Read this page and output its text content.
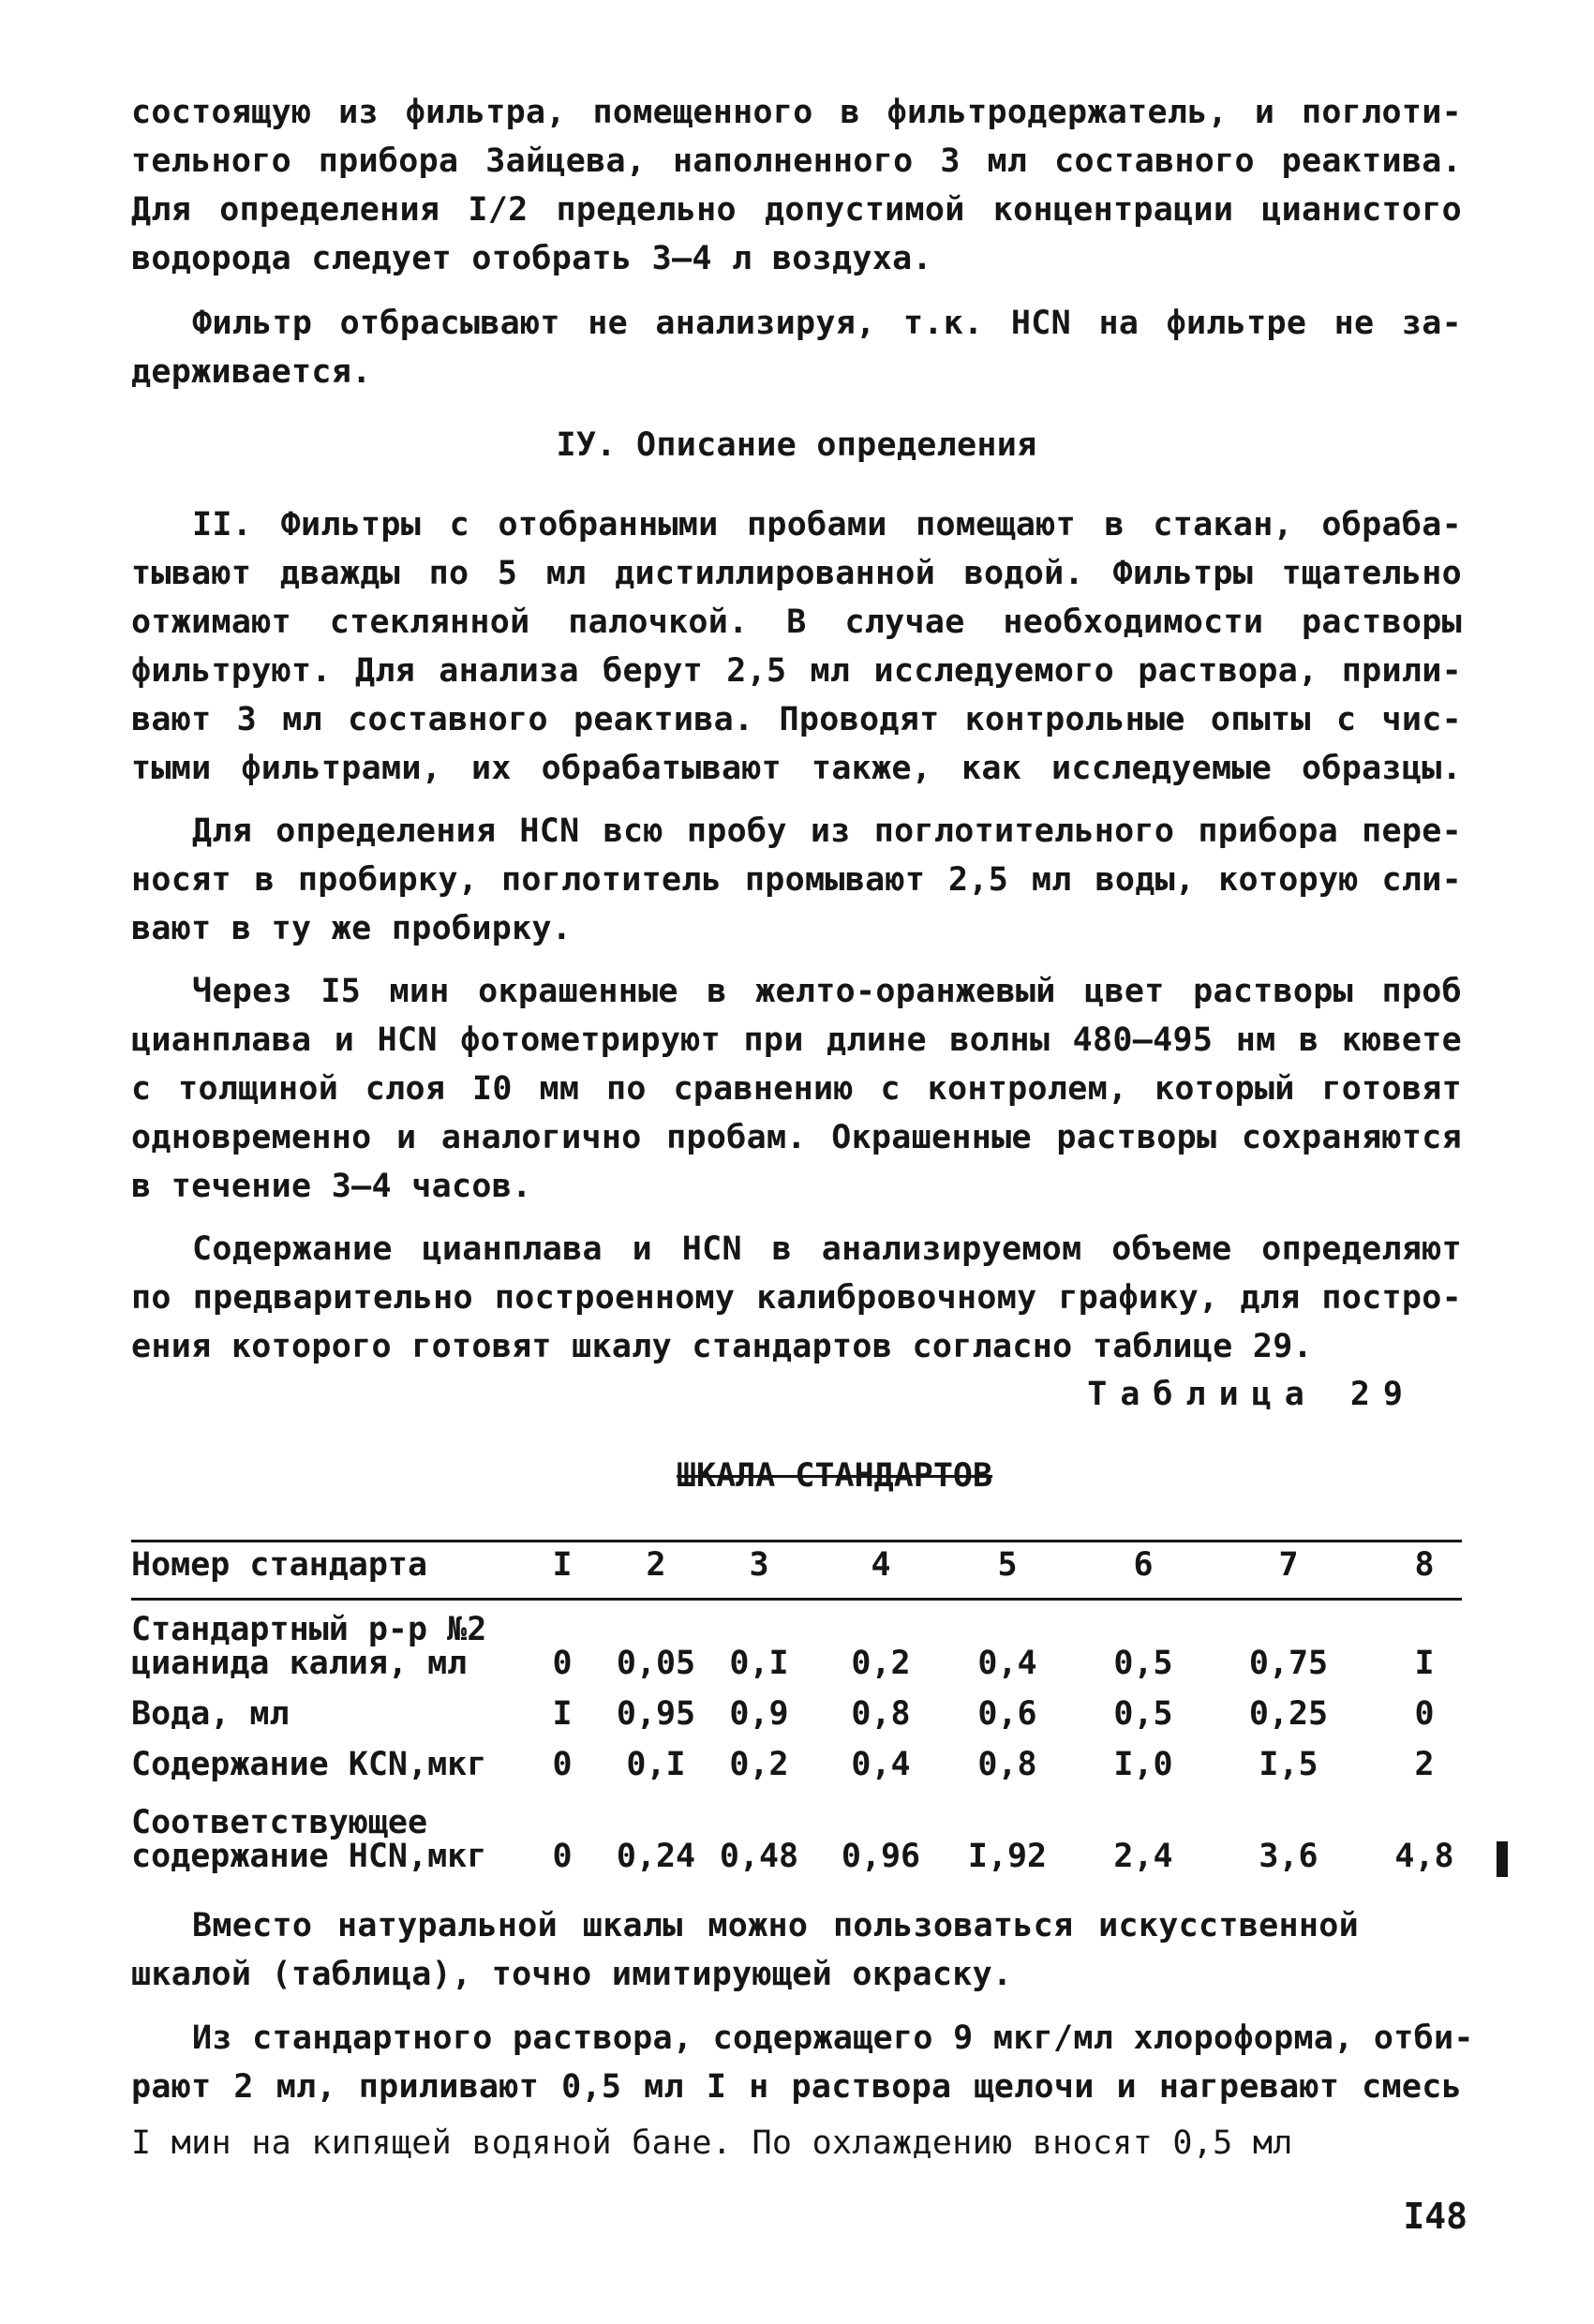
состоящую из фильтра, помещенного в фильтродержатель, и поглоти-
тельного прибора Зайцева, наполненного 3 мл составного реактива.
Для определения I/2 предельно допустимой концентрации цианистого
водорода следует отобрать 3–4 л воздуха.
Фильтр отбрасывают не анализируя, т.к. HCN на фильтре не за-
держивается.
IУ. Описание определения
II. Фильтры с отобранными пробами помещают в стакан, обраба-
тывают дважды по 5 мл дистиллированной водой. Фильтры тщательно
отжимают стеклянной палочкой. В случае необходимости растворы
фильтруют. Для анализа берут 2,5 мл исследуемого раствора, прили-
вают 3 мл составного реактива. Проводят контрольные опыты с чис-
тыми фильтрами, их обрабатывают также, как исследуемые образцы.
Для определения HCN всю пробу из поглотительного прибора пере-
носят в пробирку, поглотитель промывают 2,5 мл воды, которую сли-
вают в ту же пробирку.
Через I5 мин окрашенные в желто-оранжевый цвет растворы проб
цианплава и HCN фотометрируют при длине волны 480–495 нм в кювете
с толщиной слоя I0 мм по сравнению с контролем, который готовят
одновременно и аналогично пробам. Окрашенные растворы сохраняются
в течение 3–4 часов.
Содержание цианплава и HCN в анализируемом объеме определяют
по предварительно построенному калибровочному графику, для постро-
ения которого готовят шкалу стандартов согласно таблице 29.
Таблица 29
ШКАЛА СТАНДАРТОВ
Номер стандарта	I	2	3	4	5	6	7	8
Стандартный р-р №2
цианида калия, мл	0	0,05	0,I	0,2	0,4	0,5	0,75	I
Вода, мл	I	0,95	0,9	0,8	0,6	0,5	0,25	0
Содержание KCN,мкг	0	0,I	0,2	0,4	0,8	I,0	I,5	2
Соответствующее
содержание HCN,мкг	0	0,24 0,48	0,96	I,92	2,4	3,6	4,8
Вместо натуральной шкалы можно пользоваться искусственной
шкалой (таблица), точно имитирующей окраску.
Из стандартного раствора, содержащего 9 мкг/мл хлороформа, отби-
рают 2 мл, приливают 0,5 мл I н раствора щелочи и нагревают смесь
I мин на кипящей водяной бане. По охлаждению вносят 0,5 мл
I48
